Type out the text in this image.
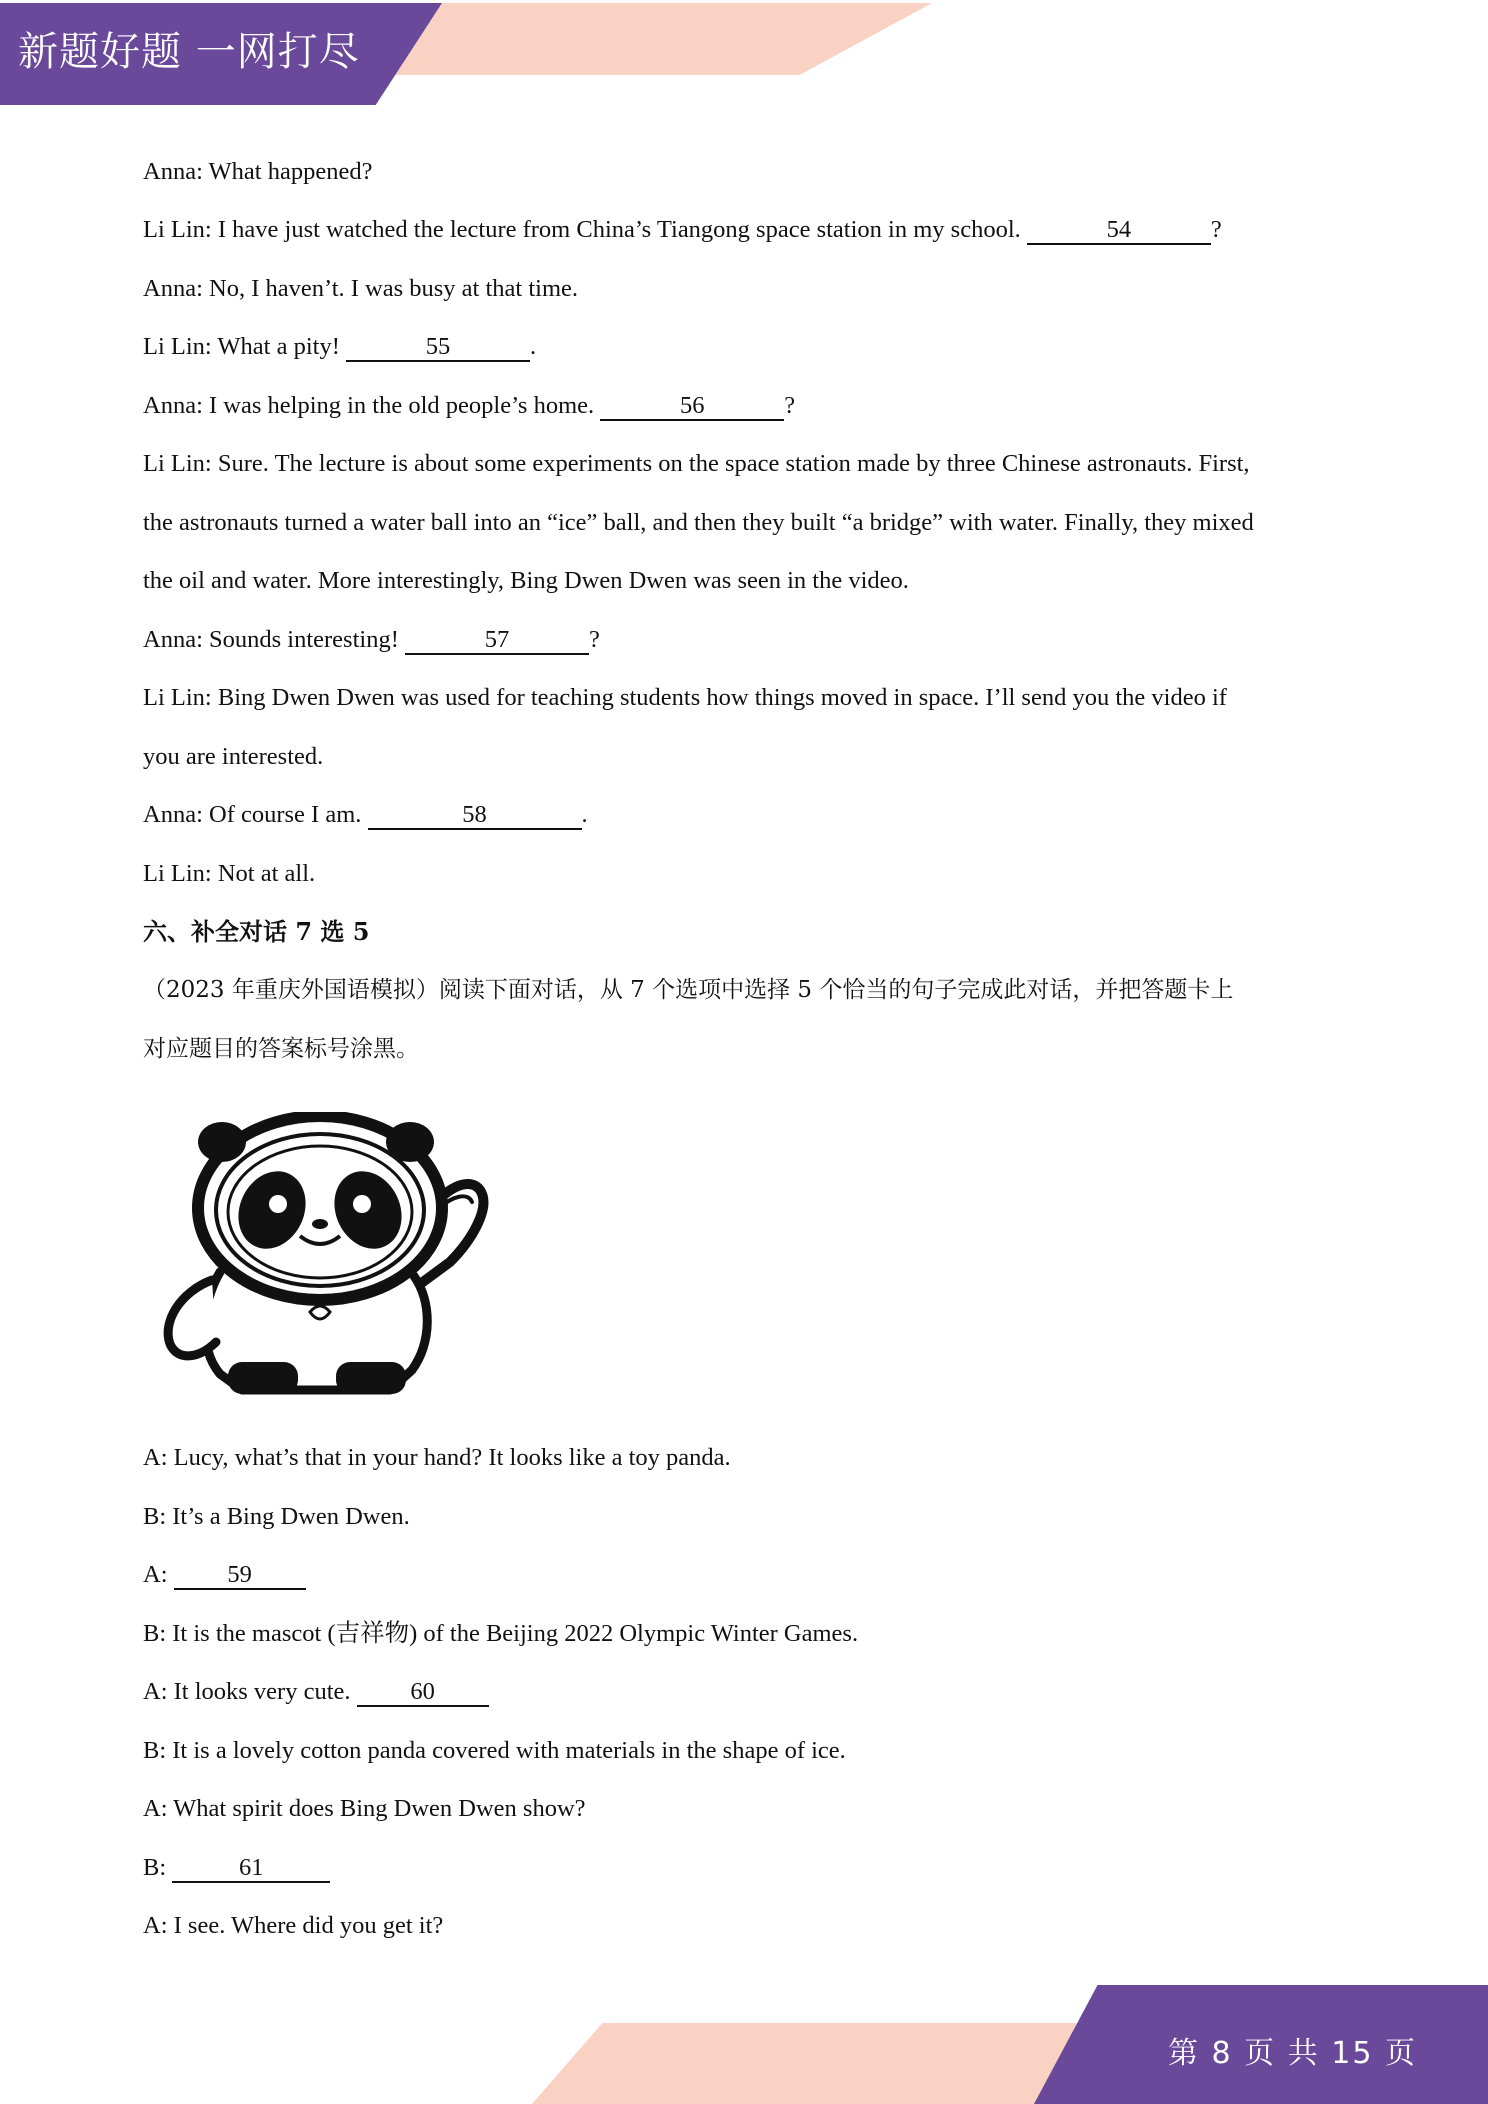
新题好题 一网打尽
Anna: What happened?
Li Lin: I have just watched the lecture from China’s Tiangong space station in my school.	54	?
Anna: No, I haven’t. I was busy at that time.
Li Lin: What a pity!	55	.
Anna: I was helping in the old people’s home.	56	?
Li Lin: Sure. The lecture is about some experiments on the space station made by three Chinese astronauts. First,
the astronauts turned a water ball into an “ice” ball, and then they built “a bridge” with water. Finally, they mixed
the oil and water. More interestingly, Bing Dwen Dwen was seen in the video.
Anna: Sounds interesting!	57	?
Li Lin: Bing Dwen Dwen was used for teaching students how things moved in space. I’ll send you the video if
you are interested.
Anna: Of course I am.	58	.
Li Lin: Not at all.
六、补全对话 7 选 5
（2023 年重庆外国语模拟）阅读下面对话，从 7 个选项中选择 5 个恰当的句子完成此对话，并把答题卡上
对应题目的答案标号涂黑。
A: Lucy, what’s that in your hand? It looks like a toy panda.
B: It’s a Bing Dwen Dwen.
A: 59
B: It is the mascot (吉祥物) of the Beijing 2022 Olympic Winter Games.
A: It looks very cute. 60
B: It is a lovely cotton panda covered with materials in the shape of ice.
A: What spirit does Bing Dwen Dwen show?
B:	61
A: I see. Where did you get it?
第 8 页 共 15 页
